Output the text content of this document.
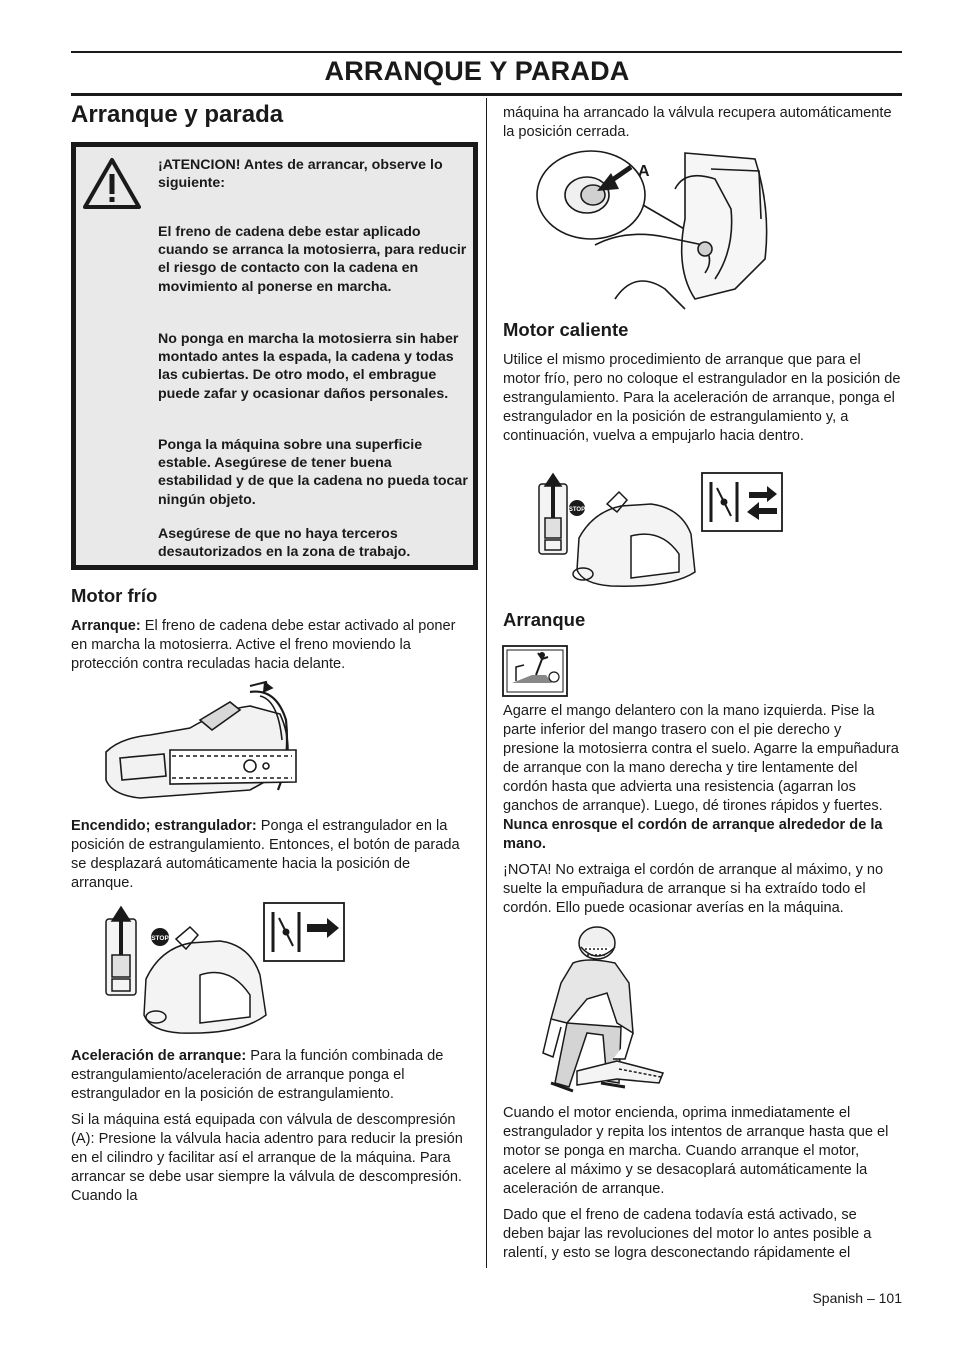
ARRANQUE Y PARADA
Arranque y parada

¡ATENCION! Antes de arrancar, observe lo siguiente:

El freno de cadena debe estar aplicado cuando se arranca la motosierra, para reducir el riesgo de contacto con la cadena en movimiento al ponerse en marcha.

No ponga en marcha la motosierra sin haber montado antes la espada, la cadena y todas las cubiertas. De otro modo, el embrague puede zafar y ocasionar daños personales.

Ponga la máquina sobre una superficie estable. Asegúrese de tener buena estabilidad y de que la cadena no pueda tocar ningún objeto.

Asegúrese de que no haya terceros desautorizados en la zona de trabajo.

Motor frío

Arranque: El freno de cadena debe estar activado al poner en marcha la motosierra. Active el freno moviendo la protección contra reculadas hacia delante.

Encendido; estrangulador: Ponga el estrangulador en la posición de estrangulamiento. Entonces, el botón de parada se desplazará automáticamente hacia la posición de arranque.

STOP

Aceleración de arranque: Para la función combinada de estrangulamiento/aceleración de arranque ponga el estrangulador en la posición de estrangulamiento.

Si la máquina está equipada con válvula de descompresión (A): Presione la válvula hacia adentro para reducir la presión en el cilindro y facilitar así el arranque de la máquina. Para arrancar se debe usar siempre la válvula de descompresión. Cuando la

máquina ha arrancado la válvula recupera automáticamente la posición cerrada.

A
Motor caliente

Utilice el mismo procedimiento de arranque que para el motor frío, pero no coloque el estrangulador en la posición de estrangulamiento. Para la aceleración de arranque, ponga el estrangulador en la posición de estrangulamiento y, a continuación, vuelva a empujarlo hacia dentro.

STOP
Arranque

Agarre el mango delantero con la mano izquierda. Pise la parte inferior del mango trasero con el pie derecho y presione la motosierra contra el suelo. Agarre la empuñadura de arranque con la mano derecha y tire lentamente del cordón hasta que advierta una resistencia (agarran los ganchos de arranque). Luego, dé tirones rápidos y fuertes. Nunca enrosque el cordón de arranque alrededor de la mano.

¡NOTA! No extraiga el cordón de arranque al máximo, y no suelte la empuñadura de arranque si ha extraído todo el cordón. Ello puede ocasionar averías en la máquina.

Cuando el motor encienda, oprima inmediatamente el estrangulador y repita los intentos de arranque hasta que el motor se ponga en marcha. Cuando arranque el motor, acelere al máximo y se desacoplará automáticamente la aceleración de arranque.

Dado que el freno de cadena todavía está activado, se deben bajar las revoluciones del motor lo antes posible a ralentí, y esto se logra desconectando rápidamente el

Spanish – 101
